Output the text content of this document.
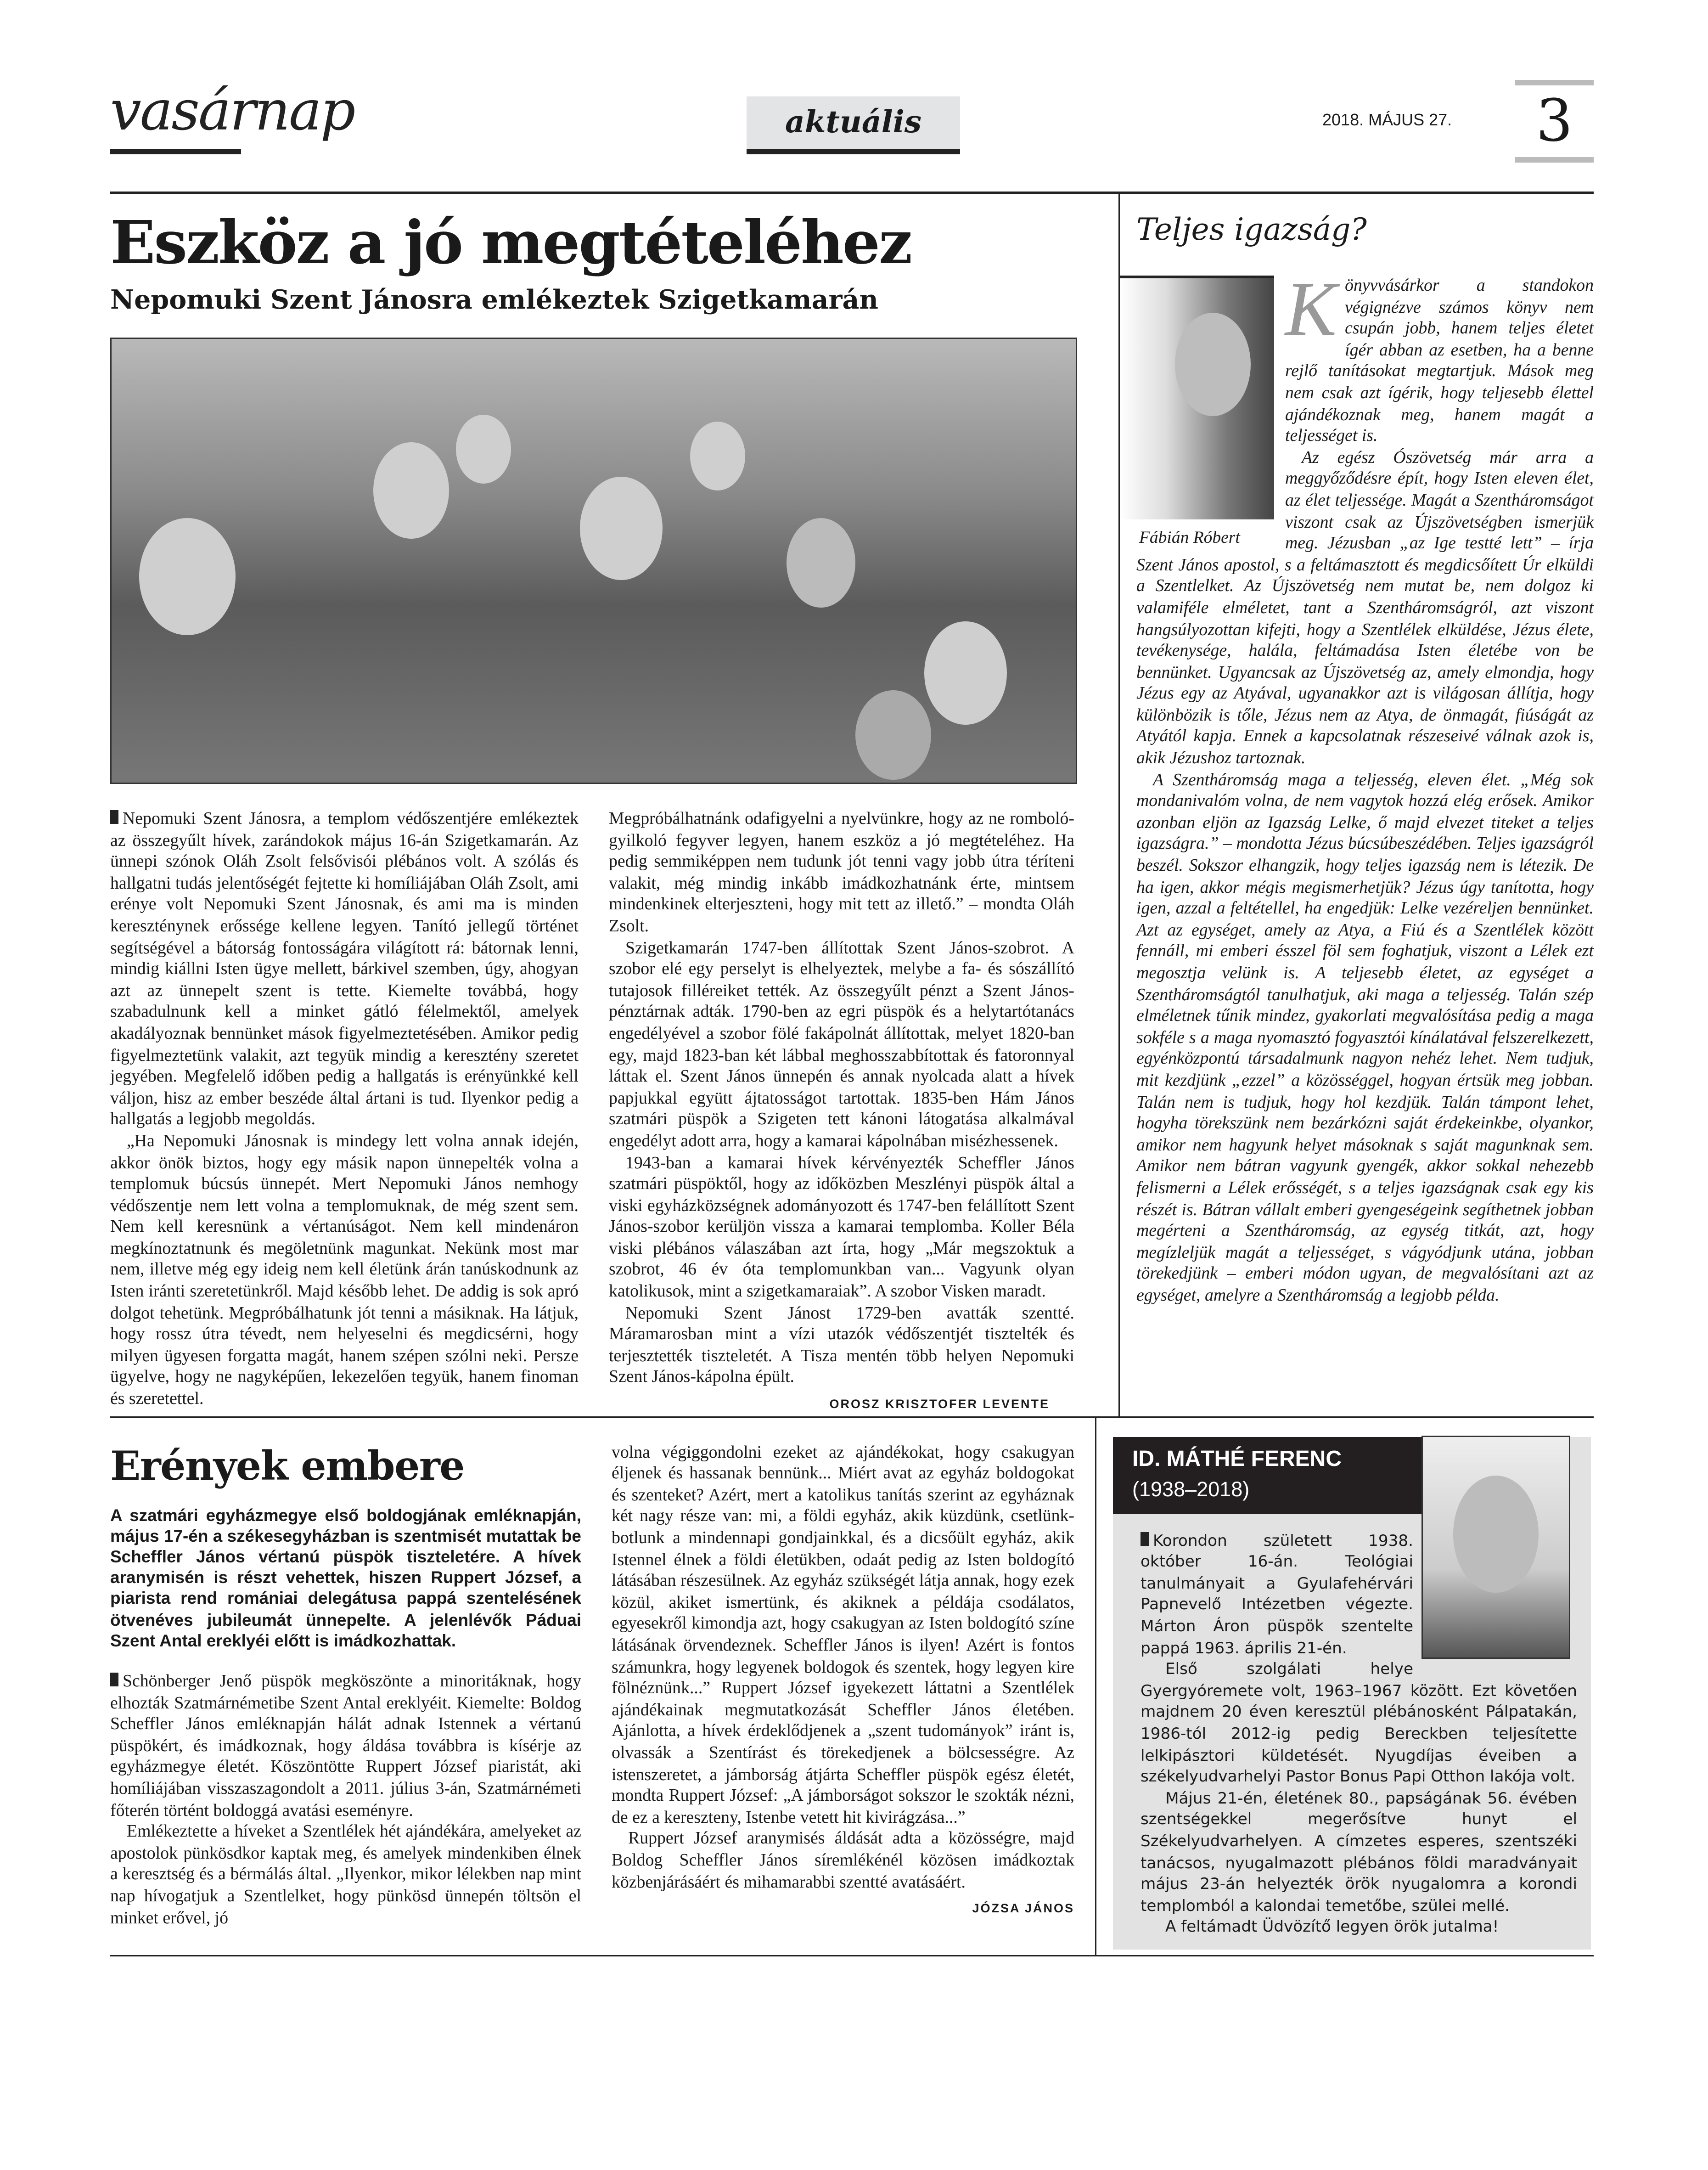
vasárnap	aktuális	2018. MÁJUS 27.	3
Eszköz a jó megtételéhez
Nepomuki Szent Jánosra emlékeztek Szigetkamarán

Nepomuki Szent Jánosra, a templom védőszentjére emlékeztek az összegyűlt hívek, zarándokok május 16-án Szigetkamarán. Az ünnepi szónok Oláh Zsolt felsővisói plébános volt. A szólás és hallgatni tudás jelentőségét fejtette ki homíliájában Oláh Zsolt, ami erénye volt Nepomuki Szent Jánosnak, és ami ma is minden kereszténynek erőssége kellene legyen. Tanító jellegű történet segítségével a bátorság fontosságára világított rá: bátornak lenni, mindig kiállni Isten ügye mellett, bárkivel szemben, úgy, ahogyan azt az ünnepelt szent is tette. Kiemelte továbbá, hogy szabadulnunk kell a minket gátló félelmektől, amelyek akadályoznak bennünket mások figyelmeztetésében. Amikor pedig figyelmeztetünk valakit, azt tegyük mindig a keresztény szeretet jegyében. Megfelelő időben pedig a hallgatás is erényünkké kell váljon, hisz az ember beszéde által ártani is tud. Ilyenkor pedig a hallgatás a legjobb megoldás.

„Ha Nepomuki Jánosnak is mindegy lett volna annak idején, akkor önök biztos, hogy egy másik napon ünnepelték volna a templomuk búcsús ünnepét. Mert Nepomuki János nemhogy védőszentje nem lett volna a templomuknak, de még szent sem. Nem kell keresnünk a vértanúságot. Nem kell mindenáron megkínoztatnunk és megöletnünk magunkat. Nekünk most mar nem, illetve még egy ideig nem kell életünk árán tanúskodnunk az Isten iránti szeretetünkről. Majd később lehet. De addig is sok apró dolgot tehetünk. Megpróbálhatunk jót tenni a másiknak. Ha látjuk, hogy rossz útra tévedt, nem helyeselni és megdicsérni, hogy milyen ügyesen forgatta magát, hanem szépen szólni neki. Persze ügyelve, hogy ne nagyképűen, lekezelően tegyük, hanem finoman és szeretettel.

Megpróbálhatnánk odafigyelni a nyelvünkre, hogy az ne romboló-gyilkoló fegyver legyen, hanem eszköz a jó megtételéhez. Ha pedig semmiképpen nem tudunk jót tenni vagy jobb útra téríteni valakit, még mindig inkább imádkozhatnánk érte, mintsem mindenkinek elterjeszteni, hogy mit tett az illető.” – mondta Oláh Zsolt.

Szigetkamarán 1747-ben állítottak Szent János-szobrot. A szobor elé egy perselyt is elhelyeztek, melybe a fa- és sószállító tutajosok filléreiket tették. Az összegyűlt pénzt a Szent János-pénztárnak adták. 1790-ben az egri püspök és a helytartótanács engedélyével a szobor fölé fakápolnát állítottak, melyet 1820-ban egy, majd 1823-ban két lábbal meghosszabbítottak és fatoronnyal láttak el. Szent János ünnepén és annak nyolcada alatt a hívek papjukkal együtt ájtatosságot tartottak. 1835-ben Hám János szatmári püspök a Szigeten tett kánoni látogatása alkalmával engedélyt adott arra, hogy a kamarai kápolnában misézhessenek.

1943-ban a kamarai hívek kérvényezték Scheffler János szatmári püspöktől, hogy az időközben Meszlényi püspök által a viski egyházközségnek adományozott és 1747-ben felállított Szent János-szobor kerüljön vissza a kamarai templomba. Koller Béla viski plébános válaszában azt írta, hogy „Már megszoktuk a szobrot, 46 év óta templomunkban van... Vagyunk olyan katolikusok, mint a szigetkamaraiak”. A szobor Visken maradt.

Nepomuki Szent Jánost 1729-ben avatták szentté. Máramarosban mint a vízi utazók védőszentjét tisztelték és terjesztették tiszteletét. A Tisza mentén több helyen Nepomuki Szent János-kápolna épült.

OROSZ KRISZTOFER LEVENTE
Teljes igazság?
Fábián Róbert
K	önyvvásárkor a standokon végignézve számos könyv nem csupán jobb, hanem teljes életet ígér abban az esetben, ha a benne rejlő tanításokat megtartjuk. Mások meg nem csak azt ígérik, hogy teljesebb élettel ajándékoznak meg, hanem magát a teljességet is.

Az egész Ószövetség már arra a meggyőződésre épít, hogy Isten eleven élet, az élet teljessége. Magát a Szentháromságot viszont csak az Újszövetségben ismerjük meg. Jézusban „az Ige testté lett” – írja Szent János apostol, s a feltámasztott és megdicsőített Úr elküldi a Szentlelket. Az Újszövetség nem mutat be, nem dolgoz ki valamiféle elméletet, tant a Szentháromságról, azt viszont hangsúlyozottan kifejti, hogy a Szentlélek elküldése, Jézus élete, tevékenysége, halála, feltámadása Isten életébe von be bennünket. Ugyancsak az Újszövetség az, amely elmondja, hogy Jézus egy az Atyával, ugyanakkor azt is világosan állítja, hogy különbözik is tőle, Jézus nem az Atya, de önmagát, fiúságát az Atyától kapja. Ennek a kapcsolatnak részeseivé válnak azok is, akik Jézushoz tartoznak.

A Szentháromság maga a teljesség, eleven élet. „Még sok mondanivalóm volna, de nem vagytok hozzá elég erősek. Amikor azonban eljön az Igazság Lelke, ő majd elvezet titeket a teljes igazságra.” – mondotta Jézus búcsúbeszédében. Teljes igazságról beszél. Sokszor elhangzik, hogy teljes igazság nem is létezik. De ha igen, akkor mégis megismerhetjük? Jézus úgy tanította, hogy igen, azzal a feltétellel, ha engedjük: Lelke vezéreljen bennünket. Azt az egységet, amely az Atya, a Fiú és a Szentlélek között fennáll, mi emberi ésszel föl sem foghatjuk, viszont a Lélek ezt megosztja velünk is. A teljesebb életet, az egységet a Szentháromságtól tanulhatjuk, aki maga a teljesség. Talán szép elméletnek tűnik mindez, gyakorlati megvalósítása pedig a maga sokféle s a maga nyomasztó fogyasztói kínálatával felszerelkezett, egyénközpontú társadalmunk nagyon nehéz lehet. Nem tudjuk, mit kezdjünk „ezzel” a közösséggel, hogyan értsük meg jobban. Talán nem is tudjuk, hogy hol kezdjük. Talán támpont lehet, hogyha törekszünk nem bezárkózni saját érdekeinkbe, olyankor, amikor nem hagyunk helyet másoknak s saját magunknak sem. Amikor nem bátran vagyunk gyengék, akkor sokkal nehezebb felismerni a Lélek erősségét, s a teljes igazságnak csak egy kis részét is. Bátran vállalt emberi gyengeségeink segíthetnek jobban megérteni a Szentháromság, az egység titkát, azt, hogy megízleljük magát a teljességet, s vágyódjunk utána, jobban törekedjünk – emberi módon ugyan, de megvalósítani azt az egységet, amelyre a Szentháromság a legjobb példa.

Erények embere
A szatmári egyházmegye első boldogjának emléknapján, május 17-én a székesegyházban is szentmisét mutattak be Scheffler János vértanú püspök tiszteletére. A hívek aranymisén is részt vehettek, hiszen Ruppert József, a piarista rend romániai delegátusa pappá szentelésének ötvenéves jubileumát ünnepelte. A jelenlévők Páduai Szent Antal ereklyéi előtt is imádkozhattak.

Schönberger Jenő püspök megköszönte a minoritáknak, hogy elhozták Szatmárnémetibe Szent Antal ereklyéit. Kiemelte: Boldog Scheffler János emléknapján hálát adnak Istennek a vértanú püspökért, és imádkoznak, hogy áldása továbbra is kísérje az egyházmegye életét. Köszöntötte Ruppert József piaristát, aki homíliájában visszaszagondolt a 2011. július 3-án, Szatmárnémeti főterén történt boldoggá avatási eseményre.

Emlékeztette a híveket a Szentlélek hét ajándékára, amelyeket az apostolok pünkösdkor kaptak meg, és amelyek mindenkiben élnek a keresztség és a bérmálás által. „Ilyenkor, mikor lélekben nap mint nap hívogatjuk a Szentlelket, hogy pünkösd ünnepén töltsön el minket erővel, jó

volna végiggondolni ezeket az ajándékokat, hogy csakugyan éljenek és hassanak bennünk... Miért avat az egyház boldogokat és szenteket? Azért, mert a katolikus tanítás szerint az egyháznak két nagy része van: mi, a földi egyház, akik küzdünk, csetlünk-botlunk a mindennapi gondjainkkal, és a dicsőült egyház, akik Istennel élnek a földi életükben, odaát pedig az Isten boldogító látásában részesülnek. Az egyház szükségét látja annak, hogy ezek közül, akiket ismertünk, és akiknek a példája csodálatos, egyesekről kimondja azt, hogy csakugyan az Isten boldogító színe látásának örvendeznek. Scheffler János is ilyen! Azért is fontos számunkra, hogy legyenek boldogok és szentek, hogy legyen kire fölnéznünk...” Ruppert József igyekezett láttatni a Szentlélek ajándékainak megmutatkozását Scheffler János életében. Ajánlotta, a hívek érdeklődjenek a „szent tudományok” iránt is, olvassák a Szentírást és törekedjenek a bölcsességre. Az istenszeretet, a jámborság átjárta Scheffler püspök egész életét, mondta Ruppert József: „A jámborságot sokszor le szokták nézni, de ez a kereszteny, Istenbe vetett hit kivirágzása...”

Ruppert József aranymisés áldását adta a közösségre, majd Boldog Scheffler János síremlékénél közösen imádkoztak közbenjárásáért és mihamarabbi szentté avatásáért.

JÓZSA JÁNOS
ID. MÁTHÉ FERENC
(1938–2018)

Korondon született 1938. október 16-án. Teológiai tanulmányait a Gyulafehérvári Papnevelő Intézetben végezte. Márton Áron püspök szentelte pappá 1963. április 21-én.

Első szolgálati helye Gyergyóremete volt, 1963–1967 között. Ezt követően majdnem 20 éven keresztül plébánosként Pálpatakán, 1986-tól 2012-ig pedig Bereckben teljesítette lelkipásztori küldetését. Nyugdíjas éveiben a székelyudvarhelyi Pastor Bonus Papi Otthon lakója volt.

Május 21-én, életének 80., papságának 56. évében szentségekkel megerősítve hunyt el Székelyudvarhelyen. A címzetes esperes, szentszéki tanácsos, nyugalmazott plébános földi maradványait május 23-án helyezték örök nyugalomra a korondi templomból a kalondai temetőbe, szülei mellé.

A feltámadt Üdvözítő legyen örök jutalma!
